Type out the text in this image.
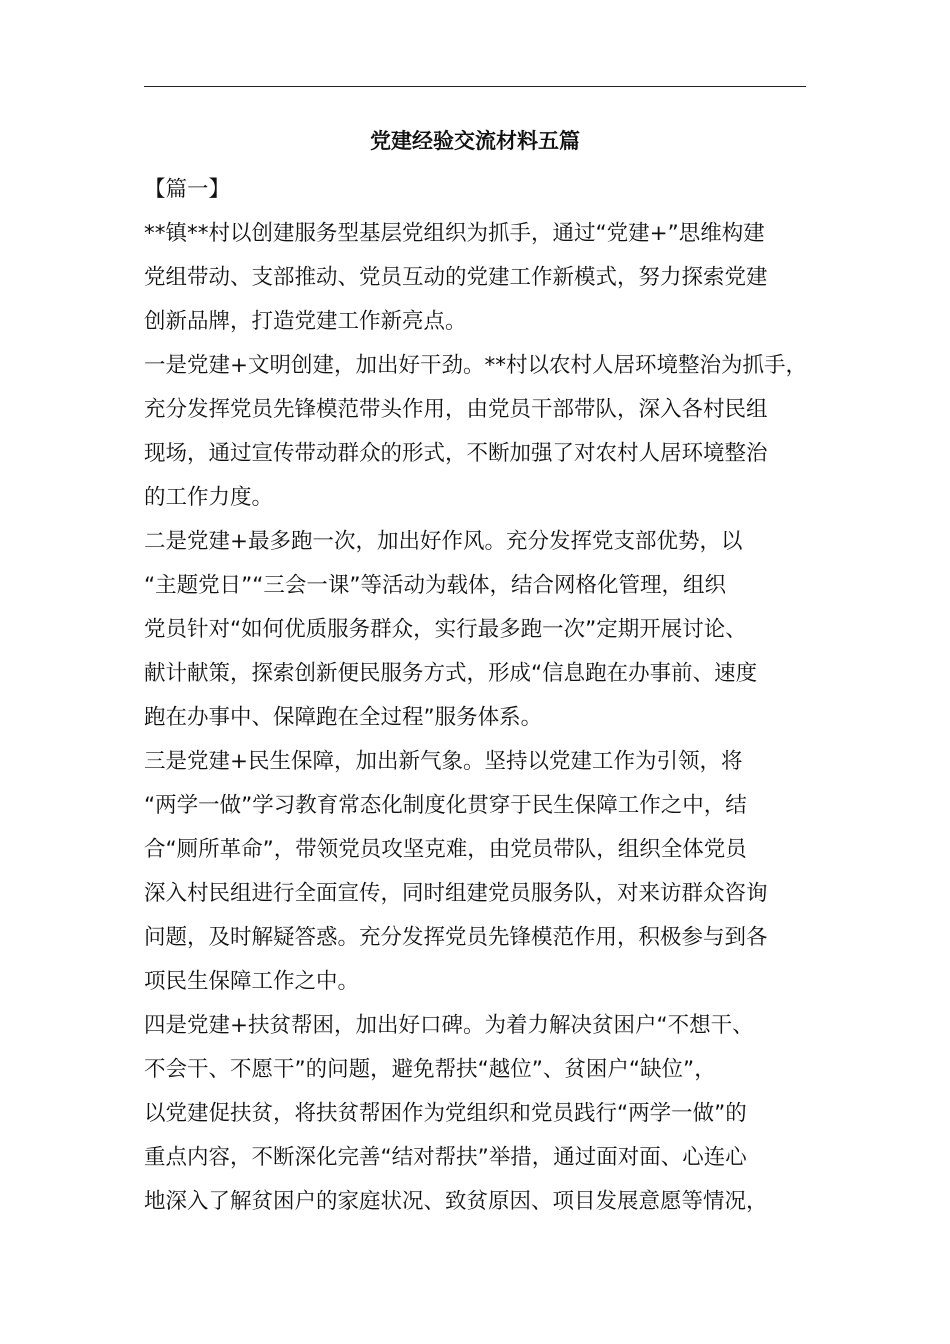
党建经验交流材料五篇

【篇一】

**镇**村以创建服务型基层党组织为抓手，通过“党建+”思维构建
党组带动、支部推动、党员互动的党建工作新模式，努力探索党建
创新品牌，打造党建工作新亮点。

一是党建+文明创建，加出好干劲。**村以农村人居环境整治为抓手，
充分发挥党员先锋模范带头作用，由党员干部带队，深入各村民组
现场，通过宣传带动群众的形式，不断加强了对农村人居环境整治
的工作力度。

二是党建+最多跑一次，加出好作风。充分发挥党支部优势，以
“主题党日”“三会一课”等活动为载体，结合网格化管理，组织
党员针对“如何优质服务群众，实行最多跑一次”定期开展讨论、
献计献策，探索创新便民服务方式，形成“信息跑在办事前、速度
跑在办事中、保障跑在全过程”服务体系。

三是党建+民生保障，加出新气象。坚持以党建工作为引领，将
“两学一做”学习教育常态化制度化贯穿于民生保障工作之中，结
合“厕所革命”，带领党员攻坚克难，由党员带队，组织全体党员
深入村民组进行全面宣传，同时组建党员服务队，对来访群众咨询
问题，及时解疑答惑。充分发挥党员先锋模范作用，积极参与到各
项民生保障工作之中。

四是党建+扶贫帮困，加出好口碑。为着力解决贫困户“不想干、
不会干、不愿干”的问题，避免帮扶“越位”、贫困户“缺位”，
以党建促扶贫，将扶贫帮困作为党组织和党员践行“两学一做”的
重点内容，不断深化完善“结对帮扶”举措，通过面对面、心连心
地深入了解贫困户的家庭状况、致贫原因、项目发展意愿等情况，
